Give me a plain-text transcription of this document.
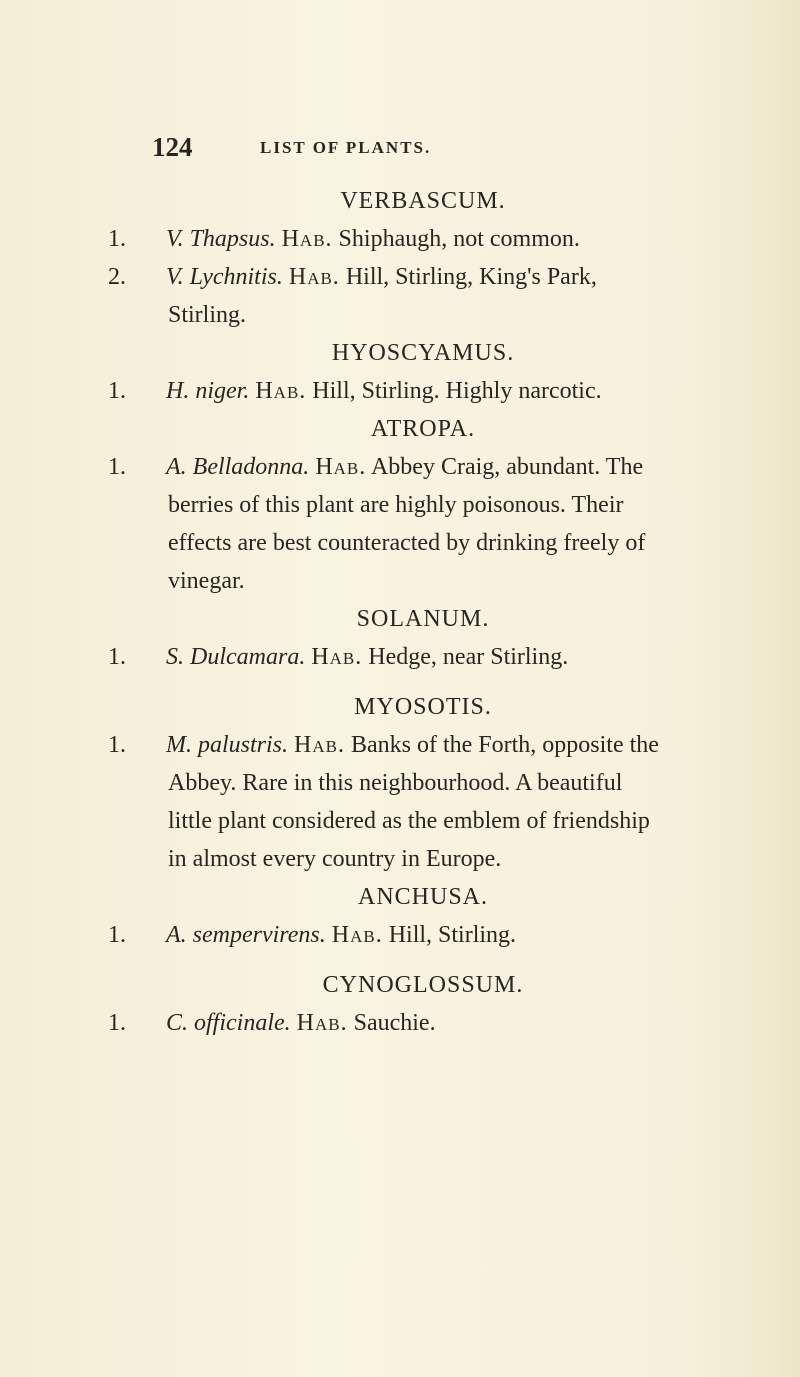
124	LIST OF PLANTS.
VERBASCUM.
1. V. Thapsus. Hab. Shiphaugh, not common.
2. V. Lychnitis. Hab. Hill, Stirling, King's Park, Stirling.
HYOSCYAMUS.
1. H. niger. Hab. Hill, Stirling. Highly narcotic.
ATROPA.
1. A. Belladonna. Hab. Abbey Craig, abundant. The berries of this plant are highly poisonous. Their effects are best counteracted by drinking freely of vinegar.
SOLANUM.
1. S. Dulcamara. Hab. Hedge, near Stirling.
MYOSOTIS.
1. M. palustris. Hab. Banks of the Forth, opposite the Abbey. Rare in this neighbourhood. A beautiful little plant considered as the emblem of friendship in almost every country in Europe.
ANCHUSA.
1. A. sempervirens. Hab. Hill, Stirling.
CYNOGLOSSUM.
1. C. officinale. Hab. Sauchie.
